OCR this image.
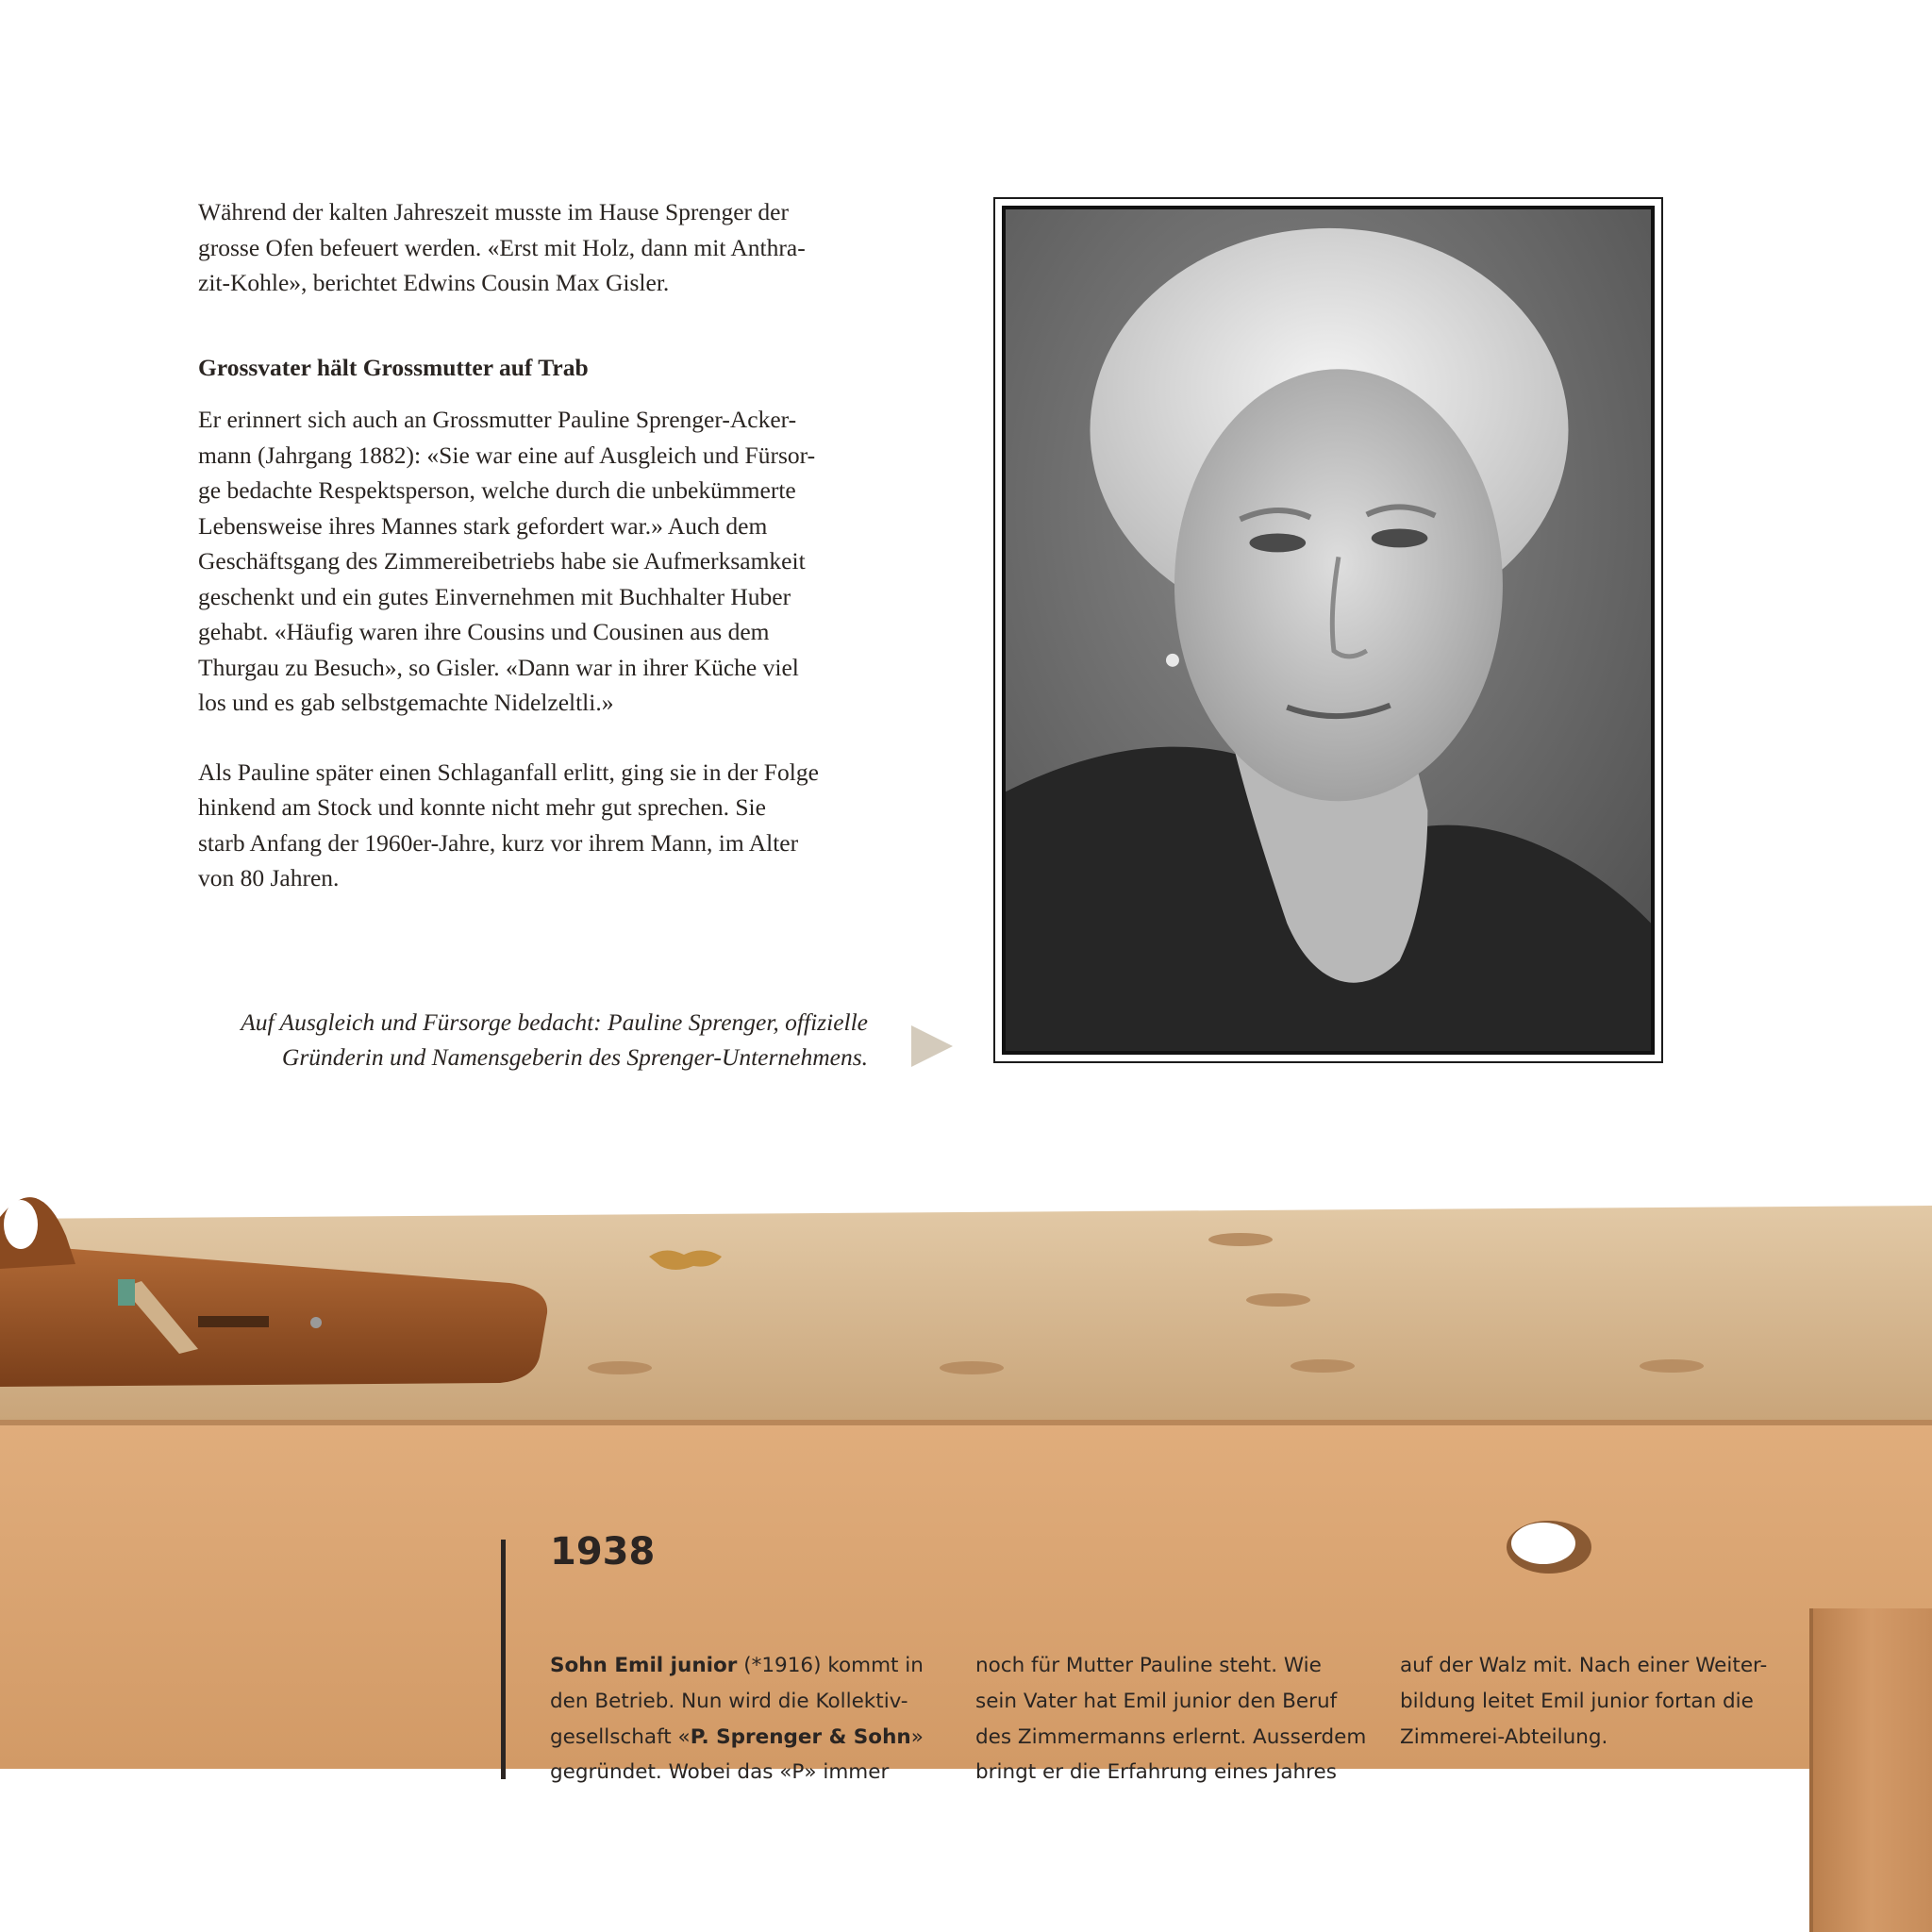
Während der kalten Jahreszeit musste im Hause Sprenger der
grosse Ofen befeuert werden. «Erst mit Holz, dann mit Anthra-
zit-Kohle», berichtet Edwins Cousin Max Gisler.

Grossvater hält Grossmutter auf Trab

Er erinnert sich auch an Grossmutter Pauline Sprenger-Acker-
mann (Jahrgang 1882): «Sie war eine auf Ausgleich und Fürsor-
ge bedachte Respektsperson, welche durch die unbekümmerte
Lebensweise ihres Mannes stark gefordert war.» Auch dem
Geschäftsgang des Zimmereibetriebs habe sie Aufmerksamkeit
geschenkt und ein gutes Einvernehmen mit Buchhalter Huber
gehabt. «Häufig waren ihre Cousins und Cousinen aus dem
Thurgau zu Besuch», so Gisler. «Dann war in ihrer Küche viel
los und es gab selbstgemachte Nidelzeltli.»

Als Pauline später einen Schlaganfall erlitt, ging sie in der Folge
hinkend am Stock und konnte nicht mehr gut sprechen. Sie
starb Anfang der 1960er-Jahre, kurz vor ihrem Mann, im Alter
von 80 Jahren.

Auf Ausgleich und Fürsorge bedacht: Pauline Sprenger, offizielle
Gründerin und Namensgeberin des Sprenger-Unternehmens.
1938
Sohn Emil junior (*1916) kommt in
den Betrieb. Nun wird die Kollektiv-
gesellschaft «P. Sprenger & Sohn»
gegründet. Wobei das «P» immer
noch für Mutter Pauline steht. Wie
sein Vater hat Emil junior den Beruf
des Zimmermanns erlernt. Ausserdem
bringt er die Erfahrung eines Jahres
auf der Walz mit. Nach einer Weiter-
bildung leitet Emil junior fortan die
Zimmerei-Abteilung.
